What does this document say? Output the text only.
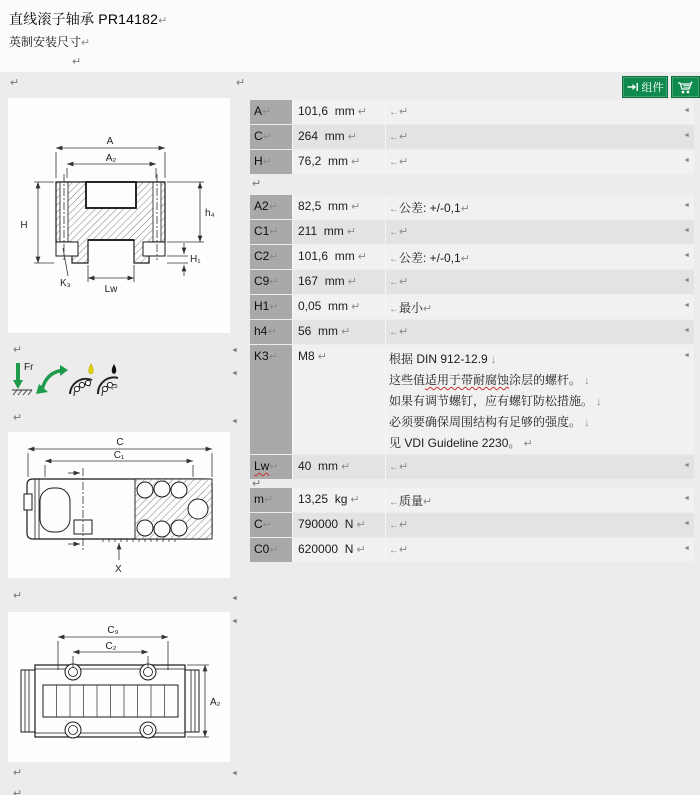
直线滚子轴承 PR14182↵
英制安装尺寸↵
组件
A
A₂
H
h₄
H₁
K₃
Lw
Fr
C
C₁
X
C₉
C₂
A₂
A↵	101,6  mm ↵	←↵	◄
C↵	264  mm ↵	←↵	◄
H↵	76,2  mm ↵	←↵	◄
A2↵	82,5  mm ↵	←公差: +/-0,1↵	◄
C1↵	211  mm ↵	←↵	◄
C2↵	101,6  mm ↵	←公差: +/-0,1↵	◄
C9↵	167  mm ↵	←↵	◄
H1↵	0,05  mm ↵	←最小↵	◄
h4↵	56  mm ↵	←↵	◄
K3↵	M8 ↵	根据 DIN 912-12.9 ↓
这些值适用于带耐腐蚀涂层的螺杆。 ↓
如果有调节螺钉，应有螺钉防松措施。 ↓
必须要确保周围结构有足够的强度。 ↓
见 VDI Guideline 2230。 ↵
◄
Lw↵	40  mm ↵	←↵	◄
m↵	13,25  kg ↵	←质量↵	◄
C↵	790000  N ↵	←↵	◄
C0↵	620000  N ↵	←↵	◄
↵
↵	↵
↵
↵
↵
↵
↵
↵
↵
↵
◄
◄
◄
◄
◄
◄
